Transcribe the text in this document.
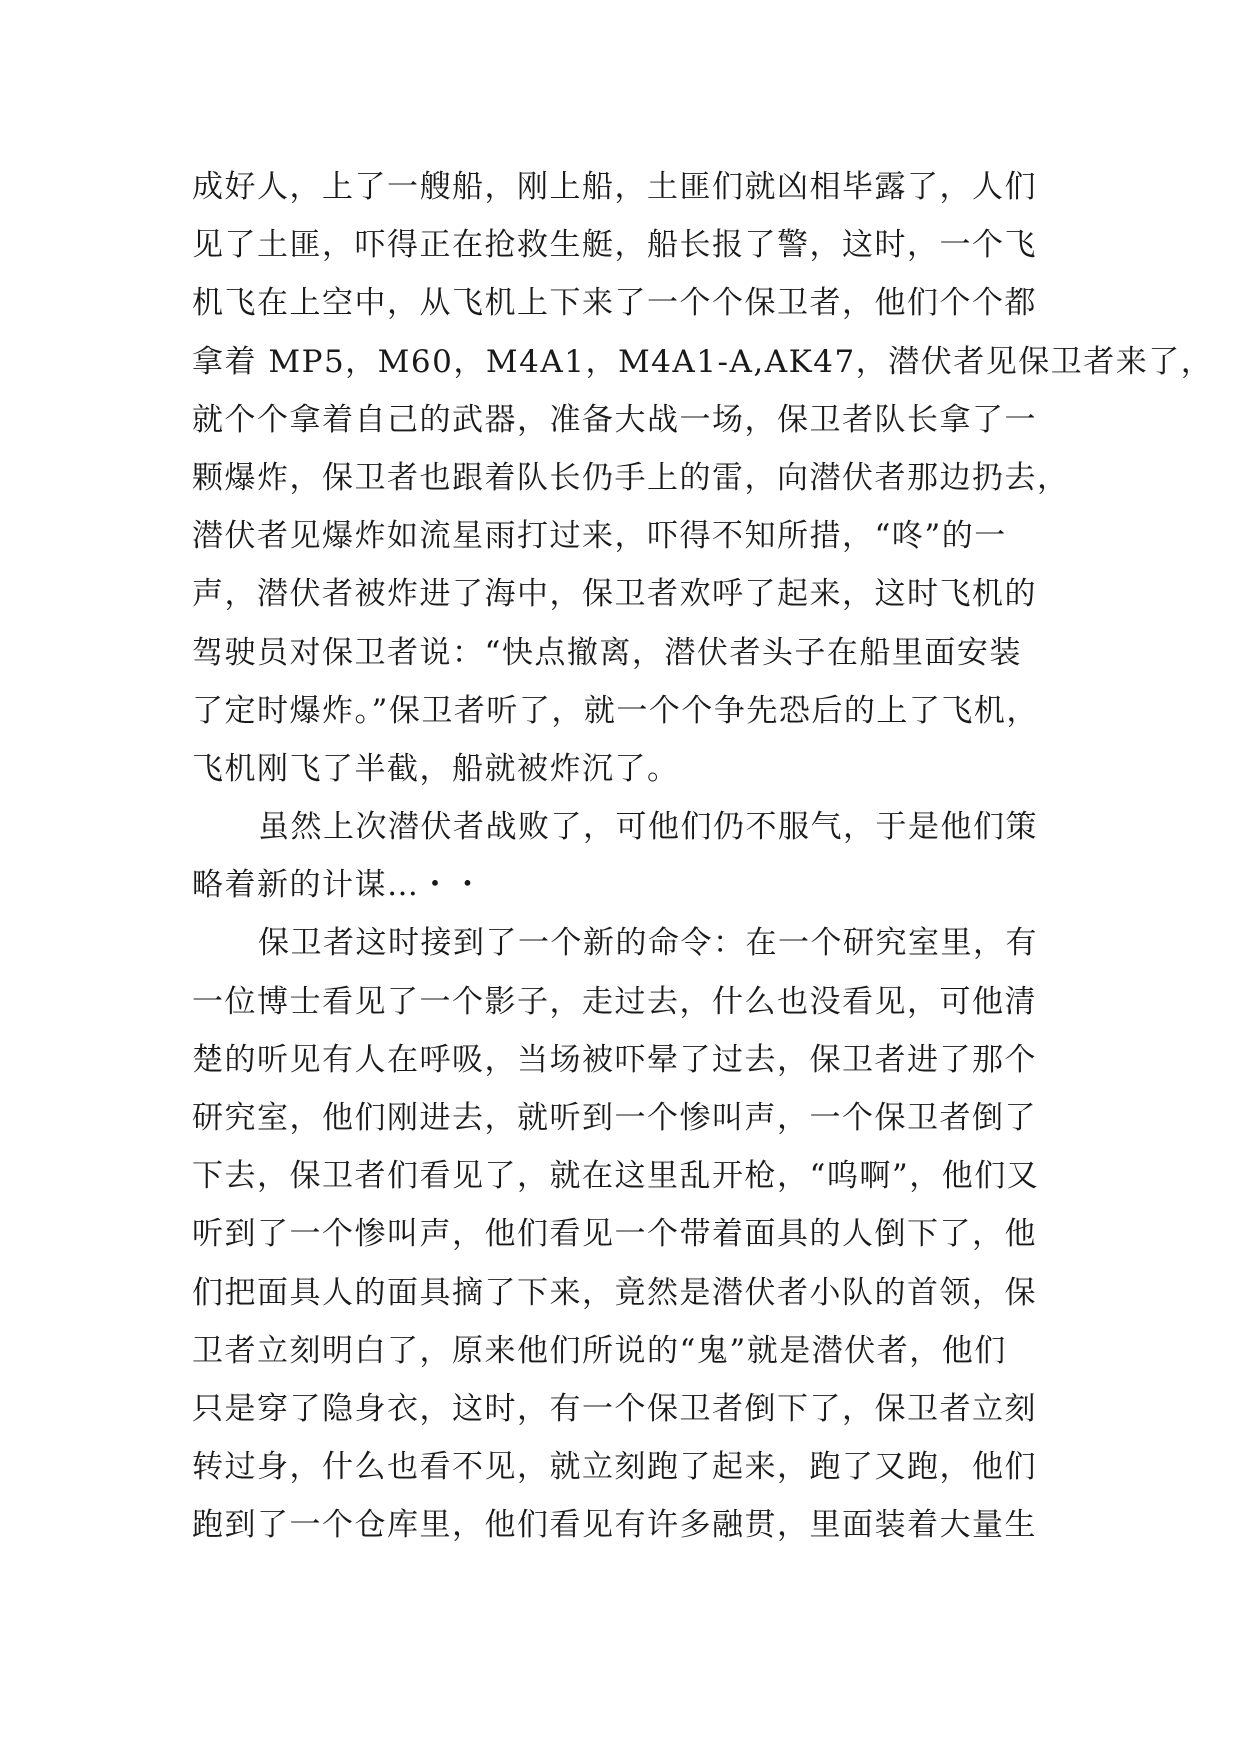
成好人，上了一艘船，刚上船，土匪们就凶相毕露了，人们
见了土匪，吓得正在抢救生艇，船长报了警，这时，一个飞
机飞在上空中，从飞机上下来了一个个保卫者，他们个个都
拿着 MP5，M60，M4A1，M4A1-A,AK47，潜伏者见保卫者来了，
就个个拿着自己的武器，准备大战一场，保卫者队长拿了一
颗爆炸，保卫者也跟着队长仍手上的雷，向潜伏者那边扔去，
潜伏者见爆炸如流星雨打过来，吓得不知所措，“咚”的一
声，潜伏者被炸进了海中，保卫者欢呼了起来，这时飞机的
驾驶员对保卫者说：“快点撤离，潜伏者头子在船里面安装
了定时爆炸。”保卫者听了，就一个个争先恐后的上了飞机，
飞机刚飞了半截，船就被炸沉了。
虽然上次潜伏者战败了，可他们仍不服气，于是他们策
略着新的计谋…・・
保卫者这时接到了一个新的命令：在一个研究室里，有
一位博士看见了一个影子，走过去，什么也没看见，可他清
楚的听见有人在呼吸，当场被吓晕了过去，保卫者进了那个
研究室，他们刚进去，就听到一个惨叫声，一个保卫者倒了
下去，保卫者们看见了，就在这里乱开枪，“呜啊”，他们又
听到了一个惨叫声，他们看见一个带着面具的人倒下了，他
们把面具人的面具摘了下来，竟然是潜伏者小队的首领，保
卫者立刻明白了，原来他们所说的“鬼”就是潜伏者，他们
只是穿了隐身衣，这时，有一个保卫者倒下了，保卫者立刻
转过身，什么也看不见，就立刻跑了起来，跑了又跑，他们
跑到了一个仓库里，他们看见有许多融贯，里面装着大量生
